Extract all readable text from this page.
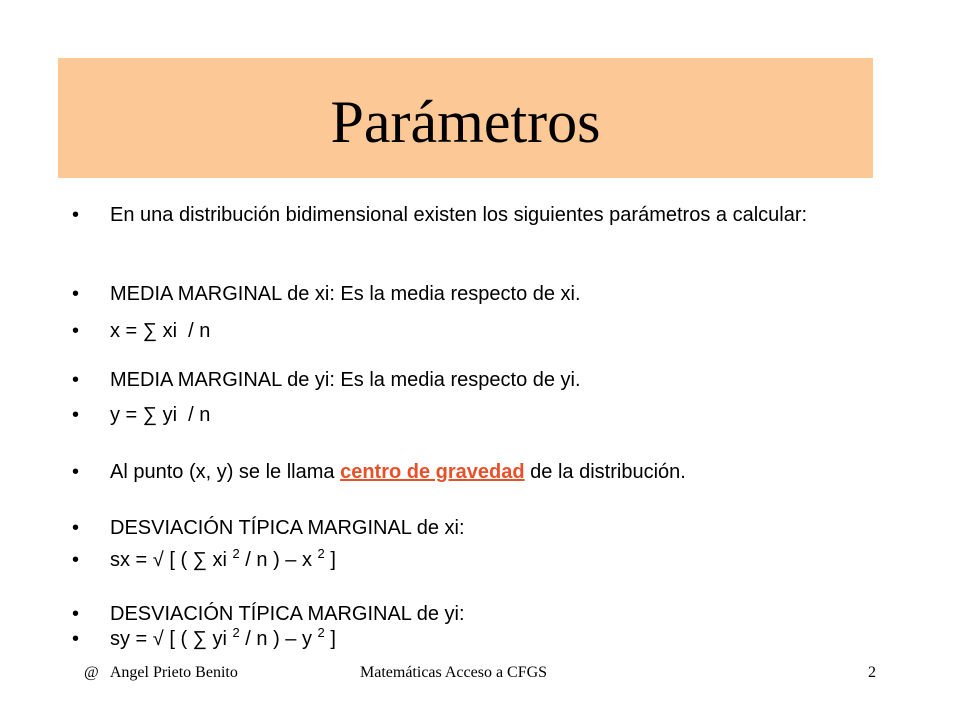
Parámetros
• En una distribución bidimensional existen los siguientes parámetros a calcular:
• MEDIA MARGINAL de xi: Es la media respecto de xi.
• x = ∑ xi  / n
• MEDIA MARGINAL de yi: Es la media respecto de yi.
• y = ∑ yi  / n
• Al punto (x, y) se le llama centro de gravedad de la distribución.
• DESVIACIÓN TÍPICA MARGINAL de xi:
• sx = √ [ ( ∑ xi $^2$ / n ) – x $^2$ ]
• DESVIACIÓN TÍPICA MARGINAL de yi:
• sy = √ [ ( ∑ yi $^2$ / n ) – y $^2$ ]
@   Angel Prieto Benito	Matemáticas Acceso a CFGS	2
